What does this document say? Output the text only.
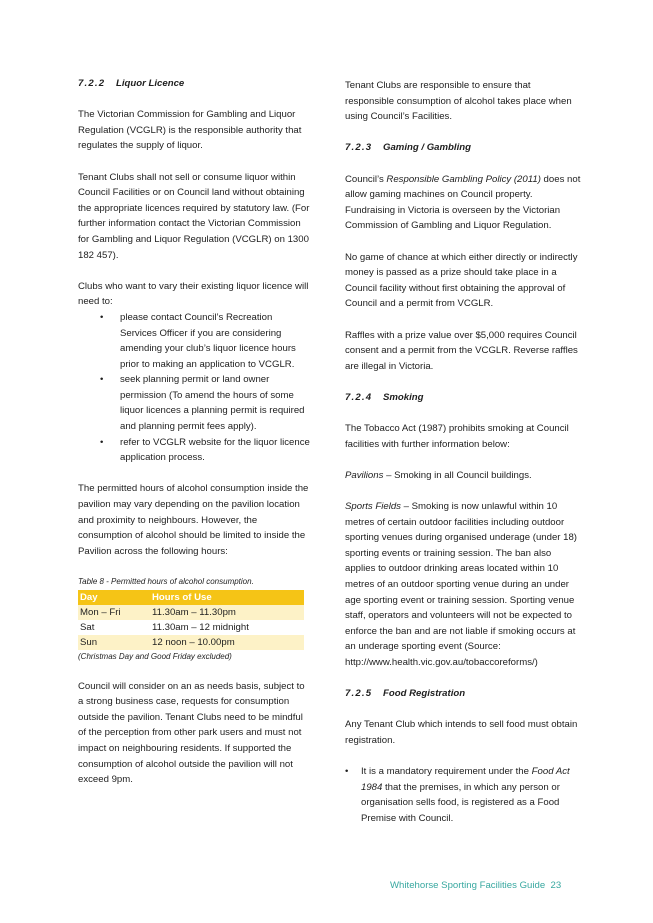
7.2.2 Liquor Licence

The Victorian Commission for Gambling and Liquor Regulation (VCGLR) is the responsible authority that regulates the supply of liquor.

Tenant Clubs shall not sell or consume liquor within Council Facilities or on Council land without obtaining the appropriate licences required by statutory law. (For further information contact the Victorian Commission for Gambling and Liquor Regulation (VCGLR) on 1300 182 457).

Clubs who want to vary their existing liquor licence will need to:

• please contact Council’s Recreation Services Officer if you are considering amending your club’s liquor licence hours prior to making an application to VCGLR.
• seek planning permit or land owner permission (To amend the hours of some liquor licences a planning permit is required and planning permit fees apply).
• refer to VCGLR website for the liquor licence application process.

The permitted hours of alcohol consumption inside the pavilion may vary depending on the pavilion location and proximity to neighbours. However, the consumption of alcohol should be limited to inside the Pavilion across the following hours:

Table 8 - Permitted hours of alcohol consumption.
Day	Hours of Use
Mon – Fri	11.30am – 11.30pm
Sat	11.30am – 12 midnight
Sun	12 noon – 10.00pm
(Christmas Day and Good Friday excluded)

Council will consider on an as needs basis, subject to a strong business case, requests for consumption outside the pavilion. Tenant Clubs need to be mindful of the perception from other park users and must not impact on neighbouring residents. If supported the consumption of alcohol outside the pavilion will not exceed 9pm.

Tenant Clubs are responsible to ensure that responsible consumption of alcohol takes place when using Council’s Facilities.

7.2.3 Gaming / Gambling

Council’s Responsible Gambling Policy (2011) does not allow gaming machines on Council property. Fundraising in Victoria is overseen by the Victorian Commission of Gambling and Liquor Regulation.

No game of chance at which either directly or indirectly money is passed as a prize should take place in a Council facility without first obtaining the approval of Council and a permit from VCGLR.

Raffles with a prize value over $5,000 requires Council consent and a permit from the VCGLR. Reverse raffles are illegal in Victoria.

7.2.4 Smoking

The Tobacco Act (1987) prohibits smoking at Council facilities with further information below:

Pavilions – Smoking in all Council buildings.

Sports Fields – Smoking is now unlawful within 10 metres of certain outdoor facilities including outdoor sporting venues during organised underage (under 18) sporting events or training session. The ban also applies to outdoor drinking areas located within 10 metres of an outdoor sporting venue during an under age sporting event or training session. Sporting venue staff, operators and volunteers will not be expected to enforce the ban and are not liable if smoking occurs at an underage sporting event (Source: http://www.health.vic.gov.au/tobaccoreforms/)

7.2.5 Food Registration

Any Tenant Club which intends to sell food must obtain registration.

• It is a mandatory requirement under the Food Act 1984 that the premises, in which any person or organisation sells food, is registered as a Food Premise with Council.
Whitehorse Sporting Facilities Guide 23
